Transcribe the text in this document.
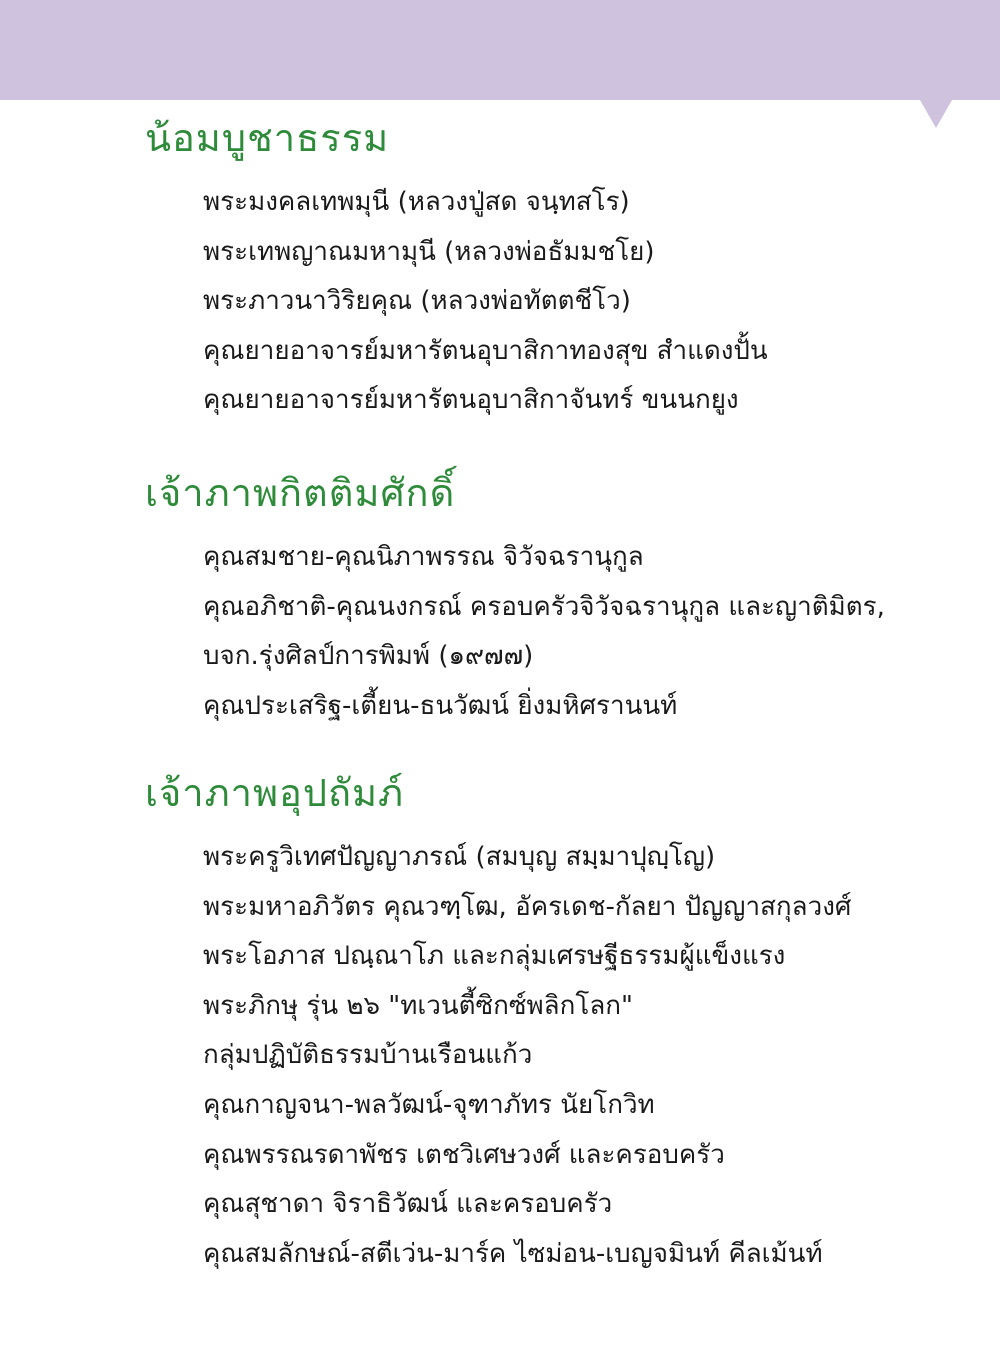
น้อมบูชาธรรม
พระมงคลเทพมุนี (หลวงปู่สด จนฺทสโร)
พระเทพญาณมหามุนี (หลวงพ่อธัมมชโย)
พระภาวนาวิริยคุณ (หลวงพ่อทัตตชีโว)
คุณยายอาจารย์มหารัตนอุบาสิกาทองสุข สำแดงปั้น
คุณยายอาจารย์มหารัตนอุบาสิกาจันทร์ ขนนกยูง
เจ้าภาพกิตติมศักดิ์
คุณสมชาย-คุณนิภาพรรณ จิวัจฉรานุกูล
คุณอภิชาติ-คุณนงกรณ์ ครอบครัวจิวัจฉรานุกูล และญาติมิตร,
บจก.รุ่งศิลป์การพิมพ์ (๑๙๗๗)
คุณประเสริฐ-เตี้ยน-ธนวัฒน์ ยิ่งมหิศรานนท์
เจ้าภาพอุปถัมภ์
พระครูวิเทศปัญญาภรณ์ (สมบุญ สมฺมาปุญฺโญ)
พระมหาอภิวัตร คุณวฑฺโฒ, อัครเดช-กัลยา ปัญญาสกุลวงศ์
พระโอภาส ปณฺณาโภ และกลุ่มเศรษฐีธรรมผู้แข็งแรง
พระภิกษุ รุ่น ๒๖ "ทเวนตี้ซิกซ์พลิกโลก"
กลุ่มปฏิบัติธรรมบ้านเรือนแก้ว
คุณกาญจนา-พลวัฒน์-จุฑาภัทร นัยโกวิท
คุณพรรณรดาพัชร เตชวิเศษวงศ์ และครอบครัว
คุณสุชาดา จิราธิวัฒน์ และครอบครัว
คุณสมลักษณ์-สตีเว่น-มาร์ค ไซม่อน-เบญจมินท์ คีลเม้นท์
